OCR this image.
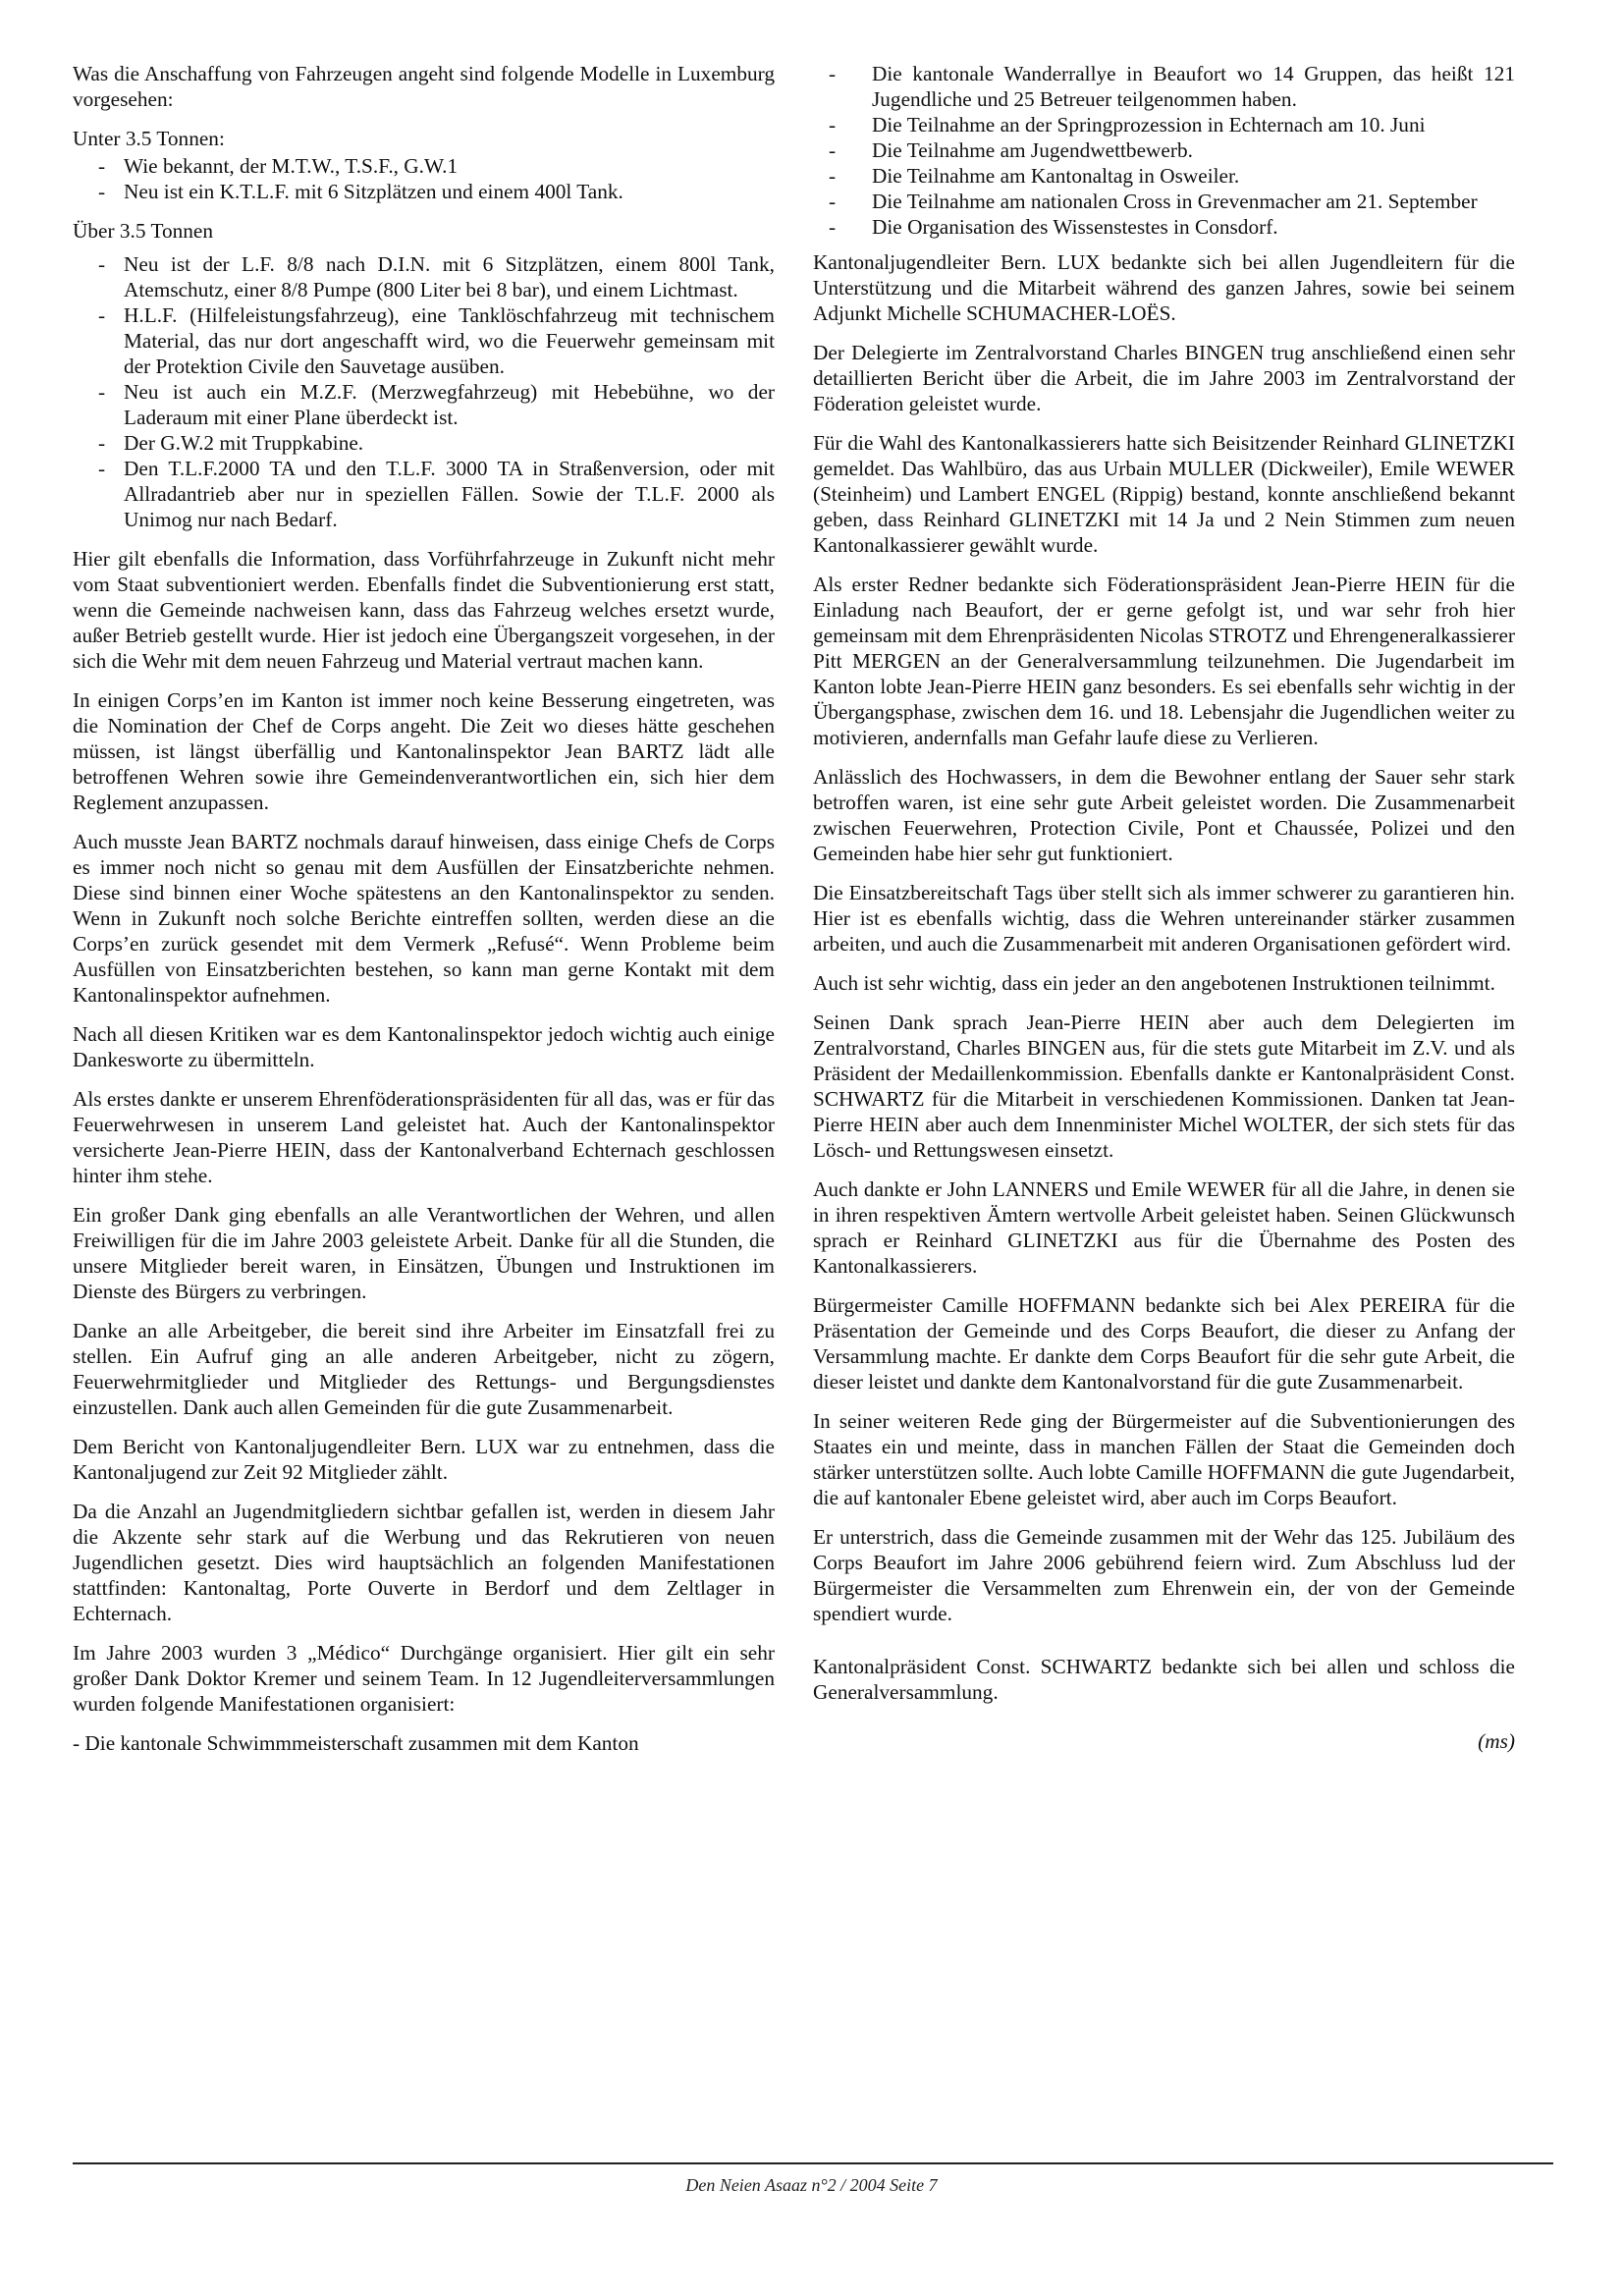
Was die Anschaffung von Fahrzeugen angeht sind folgende Modelle in Luxemburg vorgesehen:

Unter 3.5 Tonnen:

- Wie bekannt, der M.T.W., T.S.F., G.W.1
- Neu ist ein K.T.L.F. mit 6 Sitzplätzen und einem 400l Tank.

Über 3.5 Tonnen

- Neu ist der L.F. 8/8 nach D.I.N. mit 6 Sitzplätzen, einem 800l Tank, Atemschutz, einer 8/8 Pumpe (800 Liter bei 8 bar), und einem Lichtmast.
- H.L.F. (Hilfeleistungsfahrzeug), eine Tanklöschfahrzeug mit technischem Material, das nur dort angeschafft wird, wo die Feuerwehr gemeinsam mit der Protektion Civile den Sauvetage ausüben.
- Neu ist auch ein M.Z.F. (Merzwegfahrzeug) mit Hebebühne, wo der Laderaum mit einer Plane überdeckt ist.
- Der G.W.2 mit Truppkabine.
- Den T.L.F.2000 TA und den T.L.F. 3000 TA in Straßenversion, oder mit Allradantrieb aber nur in speziellen Fällen. Sowie der T.L.F. 2000 als Unimog nur nach Bedarf.

Hier gilt ebenfalls die Information, dass Vorführfahrzeuge in Zukunft nicht mehr vom Staat subventioniert werden. Ebenfalls findet die Subventionierung erst statt, wenn die Gemeinde nachweisen kann, dass das Fahrzeug welches ersetzt wurde, außer Betrieb gestellt wurde. Hier ist jedoch eine Übergangszeit vorgesehen, in der sich die Wehr mit dem neuen Fahrzeug und Material vertraut machen kann.

In einigen Corps’en im Kanton ist immer noch keine Besserung eingetreten, was die Nomination der Chef de Corps angeht. Die Zeit wo dieses hätte geschehen müssen, ist längst überfällig und Kantonalinspektor Jean BARTZ lädt alle betroffenen Wehren sowie ihre Gemeindenverantwortlichen ein, sich hier dem Reglement anzupassen.

Auch musste Jean BARTZ nochmals darauf hinweisen, dass einige Chefs de Corps es immer noch nicht so genau mit dem Ausfüllen der Einsatzberichte nehmen. Diese sind binnen einer Woche spätestens an den Kantonalinspektor zu senden. Wenn in Zukunft noch solche Berichte eintreffen sollten, werden diese an die Corps’en zurück gesendet mit dem Vermerk „Refusé“. Wenn Probleme beim Ausfüllen von Einsatzberichten bestehen, so kann man gerne Kontakt mit dem Kantonalinspektor aufnehmen.

Nach all diesen Kritiken war es dem Kantonalinspektor jedoch wichtig auch einige Dankesworte zu übermitteln.

Als erstes dankte er unserem Ehrenföderationspräsidenten für all das, was er für das Feuerwehrwesen in unserem Land geleistet hat. Auch der Kantonalinspektor versicherte Jean-Pierre HEIN, dass der Kantonalverband Echternach geschlossen hinter ihm stehe.

Ein großer Dank ging ebenfalls an alle Verantwortlichen der Wehren, und allen Freiwilligen für die im Jahre 2003 geleistete Arbeit. Danke für all die Stunden, die unsere Mitglieder bereit waren, in Einsätzen, Übungen und Instruktionen im Dienste des Bürgers zu verbringen.

Danke an alle Arbeitgeber, die bereit sind ihre Arbeiter im Einsatzfall frei zu stellen. Ein Aufruf ging an alle anderen Arbeitgeber, nicht zu zögern, Feuerwehrmitglieder und Mitglieder des Rettungs- und Bergungsdienstes einzustellen. Dank auch allen Gemeinden für die gute Zusammenarbeit.

Dem Bericht von Kantonaljugendleiter Bern. LUX war zu entnehmen, dass die Kantonaljugend zur Zeit 92 Mitglieder zählt.

Da die Anzahl an Jugendmitgliedern sichtbar gefallen ist, werden in diesem Jahr die Akzente sehr stark auf die Werbung und das Rekrutieren von neuen Jugendlichen gesetzt. Dies wird hauptsächlich an folgenden Manifestationen stattfinden: Kantonaltag, Porte Ouverte in Berdorf und dem Zeltlager in Echternach.

Im Jahre 2003 wurden 3 „Médico“ Durchgänge organisiert. Hier gilt ein sehr großer Dank Doktor Kremer und seinem Team. In 12 Jugendleiterversammlungen wurden folgende Manifestationen organisiert:

- Die kantonale Schwimmmeisterschaft zusammen mit dem Kanton

- Die kantonale Wanderrallye in Beaufort wo 14 Gruppen, das heißt 121 Jugendliche und 25 Betreuer teilgenommen haben.
- Die Teilnahme an der Springprozession in Echternach am 10. Juni
- Die Teilnahme am Jugendwettbewerb.
- Die Teilnahme am Kantonaltag in Osweiler.
- Die Teilnahme am nationalen Cross in Grevenmacher am 21. September
- Die Organisation des Wissenstestes in Consdorf.

Kantonaljugendleiter Bern. LUX bedankte sich bei allen Jugendleitern für die Unterstützung und die Mitarbeit während des ganzen Jahres, sowie bei seinem Adjunkt Michelle SCHUMACHER-LOËS.

Der Delegierte im Zentralvorstand Charles BINGEN trug anschließend einen sehr detaillierten Bericht über die Arbeit, die im Jahre 2003 im Zentralvorstand der Föderation geleistet wurde.

Für die Wahl des Kantonalkassierers hatte sich Beisitzender Reinhard GLINETZKI gemeldet. Das Wahlbüro, das aus Urbain MULLER (Dickweiler), Emile WEWER (Steinheim) und Lambert ENGEL (Rippig) bestand, konnte anschließend bekannt geben, dass Reinhard GLINETZKI mit 14 Ja und 2 Nein Stimmen zum neuen Kantonalkassierer gewählt wurde.

Als erster Redner bedankte sich Föderationspräsident Jean-Pierre HEIN für die Einladung nach Beaufort, der er gerne gefolgt ist, und war sehr froh hier gemeinsam mit dem Ehrenpräsidenten Nicolas STROTZ und Ehrengeneralkassierer Pitt MERGEN an der Generalversammlung teilzunehmen. Die Jugendarbeit im Kanton lobte Jean-Pierre HEIN ganz besonders. Es sei ebenfalls sehr wichtig in der Übergangsphase, zwischen dem 16. und 18. Lebensjahr die Jugendlichen weiter zu motivieren, andernfalls man Gefahr laufe diese zu Verlieren.

Anlässlich des Hochwassers, in dem die Bewohner entlang der Sauer sehr stark betroffen waren, ist eine sehr gute Arbeit geleistet worden. Die Zusammenarbeit zwischen Feuerwehren, Protection Civile, Pont et Chaussée, Polizei und den Gemeinden habe hier sehr gut funktioniert.

Die Einsatzbereitschaft Tags über stellt sich als immer schwerer zu garantieren hin. Hier ist es ebenfalls wichtig, dass die Wehren untereinander stärker zusammen arbeiten, und auch die Zusammenarbeit mit anderen Organisationen gefördert wird.

Auch ist sehr wichtig, dass ein jeder an den angebotenen Instruktionen teilnimmt.

Seinen Dank sprach Jean-Pierre HEIN aber auch dem Delegierten im Zentralvorstand, Charles BINGEN aus, für die stets gute Mitarbeit im Z.V. und als Präsident der Medaillenkommission. Ebenfalls dankte er Kantonalpräsident Const. SCHWARTZ für die Mitarbeit in verschiedenen Kommissionen. Danken tat Jean-Pierre HEIN aber auch dem Innenminister Michel WOLTER, der sich stets für das Lösch- und Rettungswesen einsetzt.

Auch dankte er John LANNERS und Emile WEWER für all die Jahre, in denen sie in ihren respektiven Ämtern wertvolle Arbeit geleistet haben. Seinen Glückwunsch sprach er Reinhard GLINETZKI aus für die Übernahme des Posten des Kantonalkassierers.

Bürgermeister Camille HOFFMANN bedankte sich bei Alex PEREIRA für die Präsentation der Gemeinde und des Corps Beaufort, die dieser zu Anfang der Versammlung machte. Er dankte dem Corps Beaufort für die sehr gute Arbeit, die dieser leistet und dankte dem Kantonalvorstand für die gute Zusammenarbeit.

In seiner weiteren Rede ging der Bürgermeister auf die Subventionierungen des Staates ein und meinte, dass in manchen Fällen der Staat die Gemeinden doch stärker unterstützen sollte. Auch lobte Camille HOFFMANN die gute Jugendarbeit, die auf kantonaler Ebene geleistet wird, aber auch im Corps Beaufort.

Er unterstrich, dass die Gemeinde zusammen mit der Wehr das 125. Jubiläum des Corps Beaufort im Jahre 2006 gebührend feiern wird. Zum Abschluss lud der Bürgermeister die Versammelten zum Ehrenwein ein, der von der Gemeinde spendiert wurde.

Kantonalpräsident Const. SCHWARTZ bedankte sich bei allen und schloss die Generalversammlung.

(ms)
Den Neien Asaaz n°2 / 2004 Seite 7
